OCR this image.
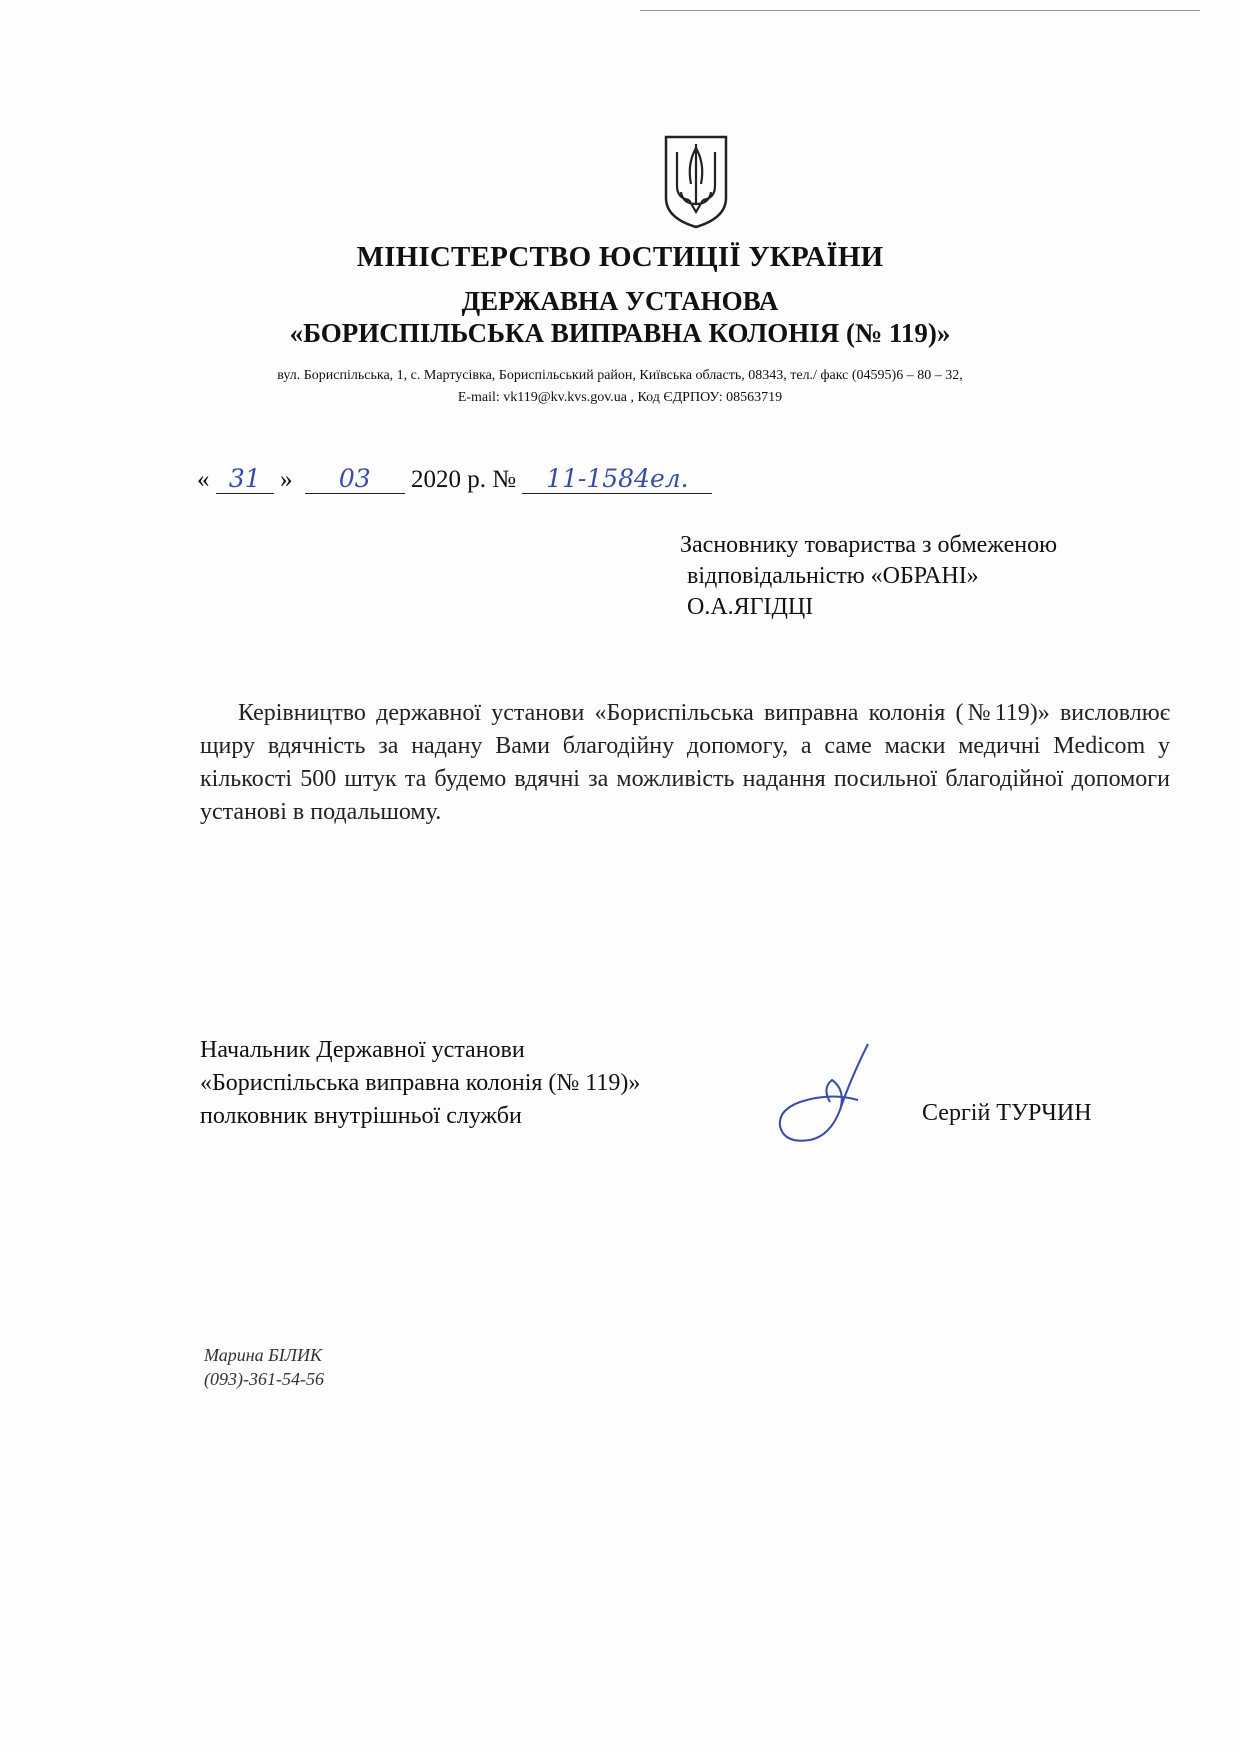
МІНІСТЕРСТВО ЮСТИЦІЇ УКРАЇНИ
ДЕРЖАВНА УСТАНОВА
«БОРИСПІЛЬСЬКА ВИПРАВНА КОЛОНІЯ (№ 119)»
вул. Бориспільська, 1, с. Мартусівка, Бориспільський район, Київська область, 08343, тел./ факс (04595)6 – 80 – 32,
E-mail: vk119@kv.kvs.gov.ua , Код ЄДРПОУ: 08563719
« 31 » 03 2020 р. № 11-1584ел.
Засновнику товариства з обмеженою
відповідальністю «ОБРАНІ»
О.А.ЯГІДЦІ
Керівництво державної установи «Бориспільська виправна колонія (№119)» висловлює щиру вдячність за надану Вами благодійну допомогу, а саме маски медичні Medicom у кількості 500 штук та будемо вдячні за можливість надання посильної благодійної допомоги установі в подальшому.
Начальник Державної установи
«Бориспільська виправна колонія (№ 119)»
полковник внутрішньої служби	Сергій ТУРЧИН
Марина БІЛИК
(093)-361-54-56
